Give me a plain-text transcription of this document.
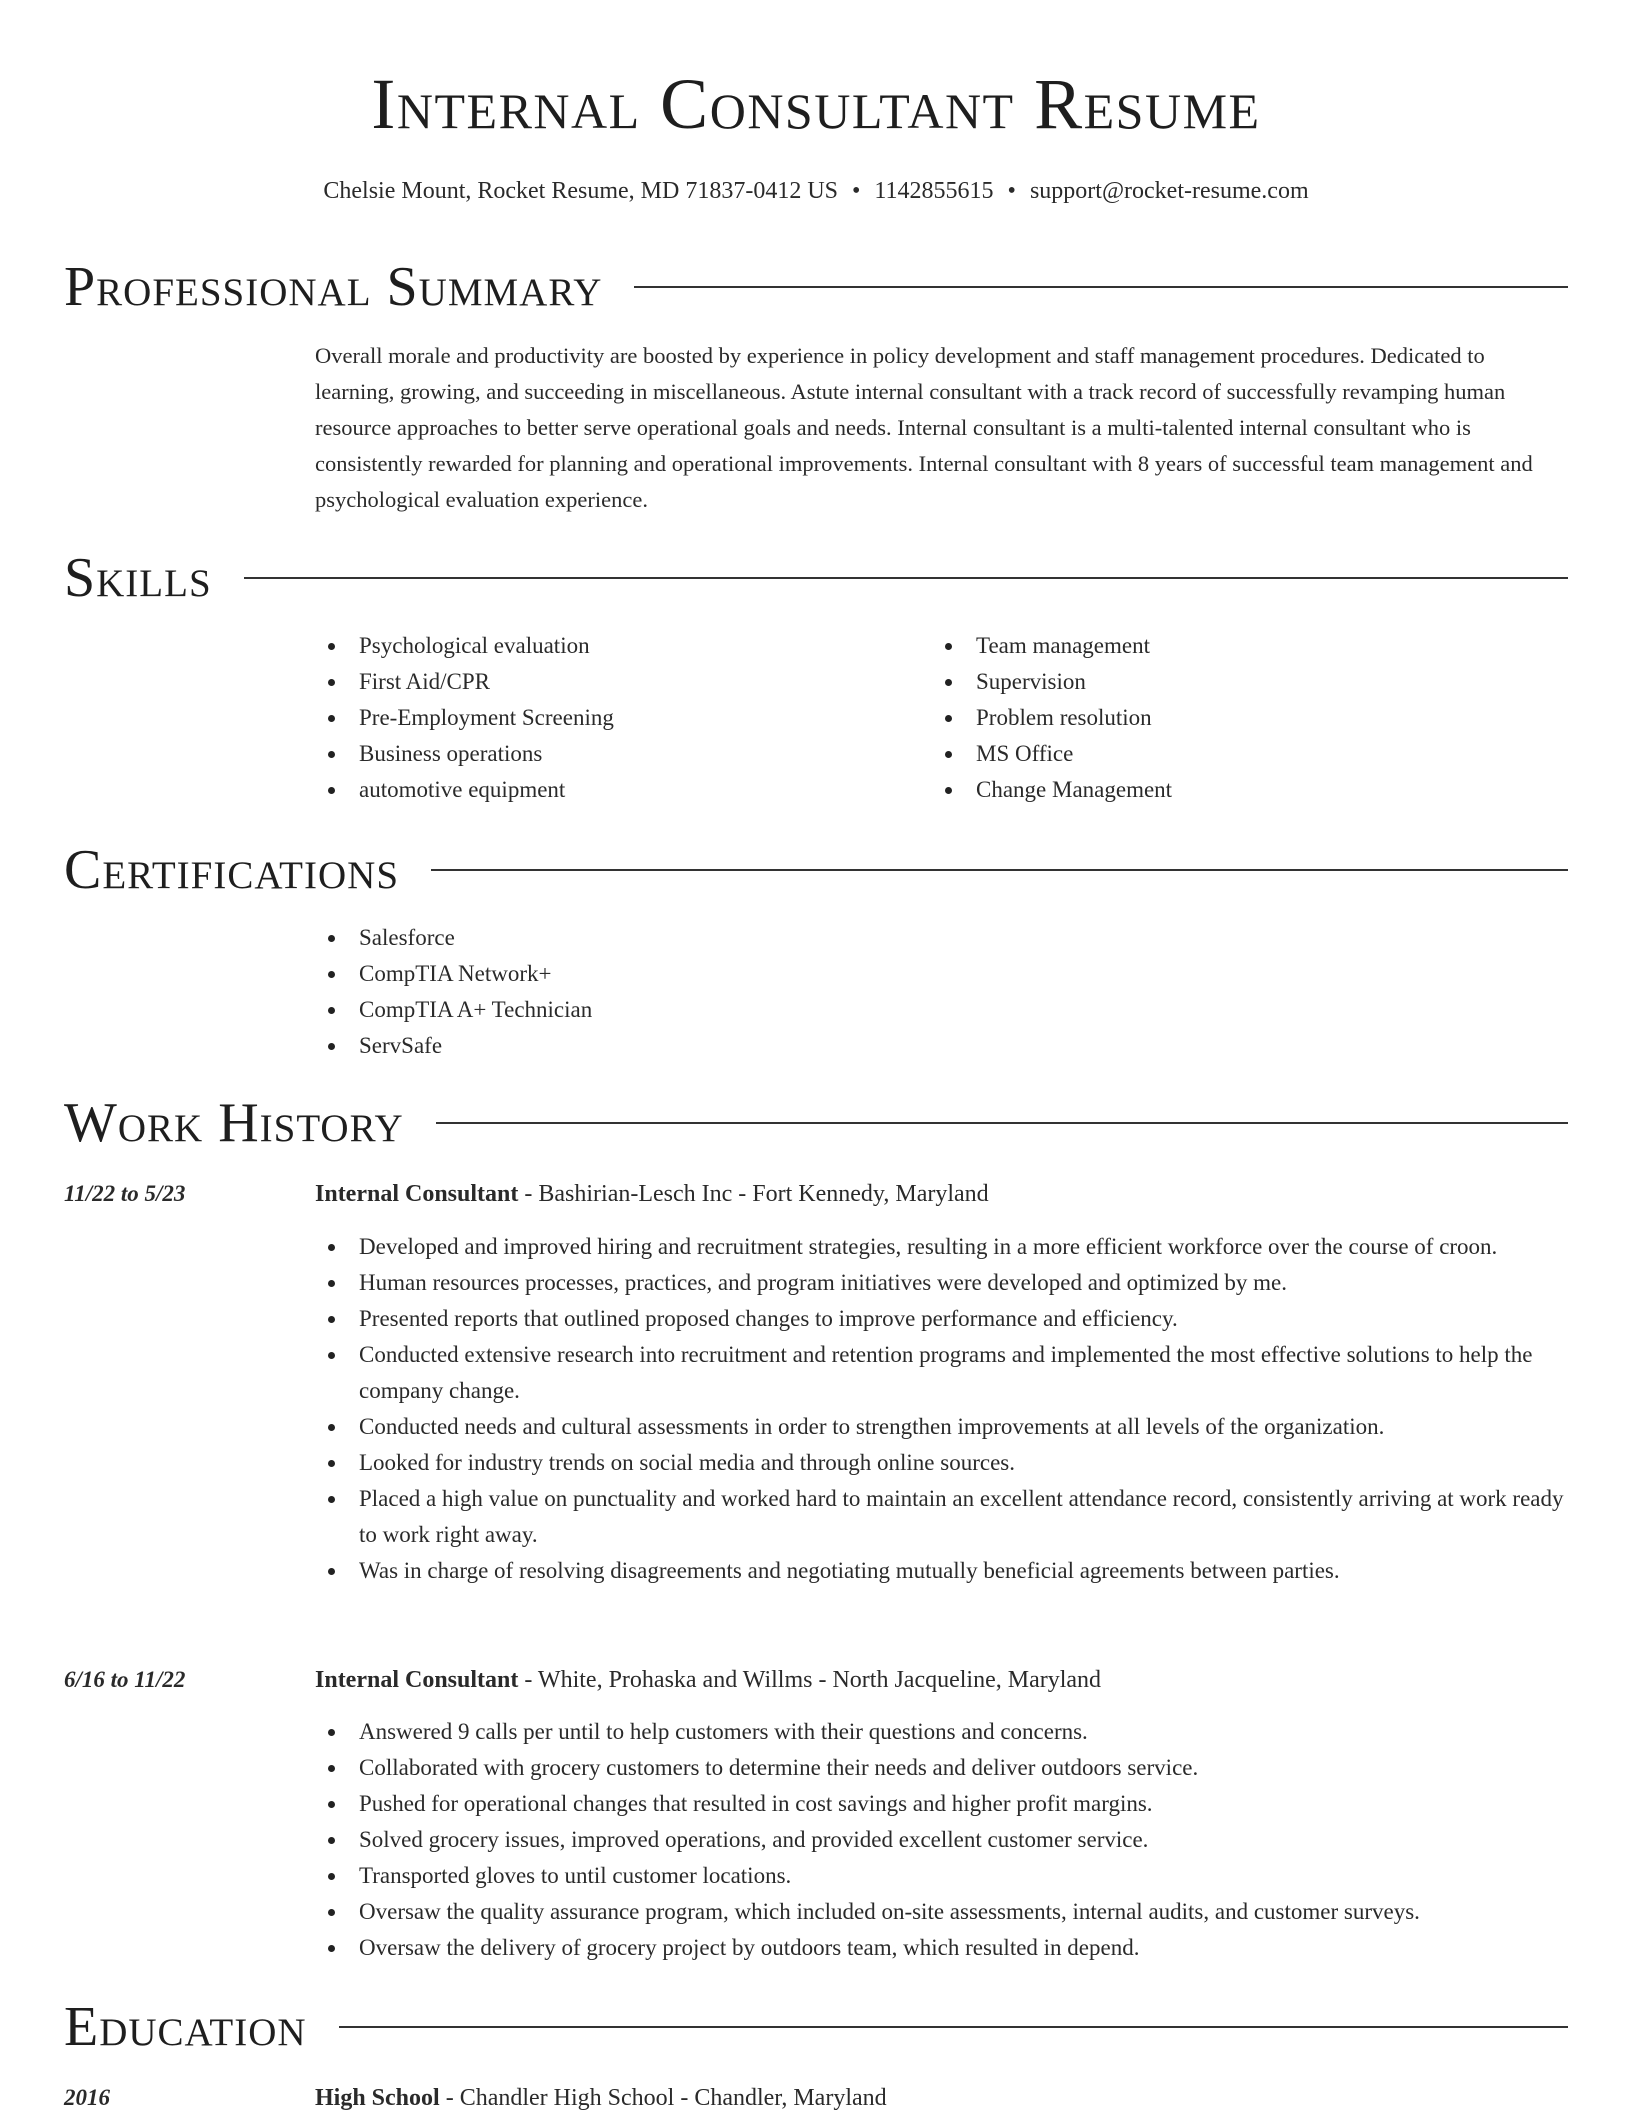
Internal Consultant Resume
Chelsie Mount, Rocket Resume, MD 71837-0412 US • 1142855615 • support@rocket-resume.com
Professional Summary

Overall morale and productivity are boosted by experience in policy development and staff management procedures. Dedicated to learning, growing, and succeeding in miscellaneous. Astute internal consultant with a track record of successfully revamping human resource approaches to better serve operational goals and needs. Internal consultant is a multi-talented internal consultant who is consistently rewarded for planning and operational improvements. Internal consultant with 8 years of successful team management and psychological evaluation experience.

Skills
Psychological evaluation
First Aid/CPR
Pre-Employment Screening
Business operations
automotive equipment
Team management
Supervision
Problem resolution
MS Office
Change Management
Certifications
Salesforce
CompTIA Network+
CompTIA A+ Technician
ServSafe
Work History
11/22 to 5/23	Internal Consultant - Bashirian-Lesch Inc - Fort Kennedy, Maryland
Developed and improved hiring and recruitment strategies, resulting in a more efficient workforce over the course of croon.
Human resources processes, practices, and program initiatives were developed and optimized by me.
Presented reports that outlined proposed changes to improve performance and efficiency.
Conducted extensive research into recruitment and retention programs and implemented the most effective solutions to help the company change.
Conducted needs and cultural assessments in order to strengthen improvements at all levels of the organization.
Looked for industry trends on social media and through online sources.
Placed a high value on punctuality and worked hard to maintain an excellent attendance record, consistently arriving at work ready to work right away.
Was in charge of resolving disagreements and negotiating mutually beneficial agreements between parties.
6/16 to 11/22	Internal Consultant - White, Prohaska and Willms - North Jacqueline, Maryland
Answered 9 calls per until to help customers with their questions and concerns.
Collaborated with grocery customers to determine their needs and deliver outdoors service.
Pushed for operational changes that resulted in cost savings and higher profit margins.
Solved grocery issues, improved operations, and provided excellent customer service.
Transported gloves to until customer locations.
Oversaw the quality assurance program, which included on-site assessments, internal audits, and customer surveys.
Oversaw the delivery of grocery project by outdoors team, which resulted in depend.
Education
2016	High School - Chandler High School - Chandler, Maryland
